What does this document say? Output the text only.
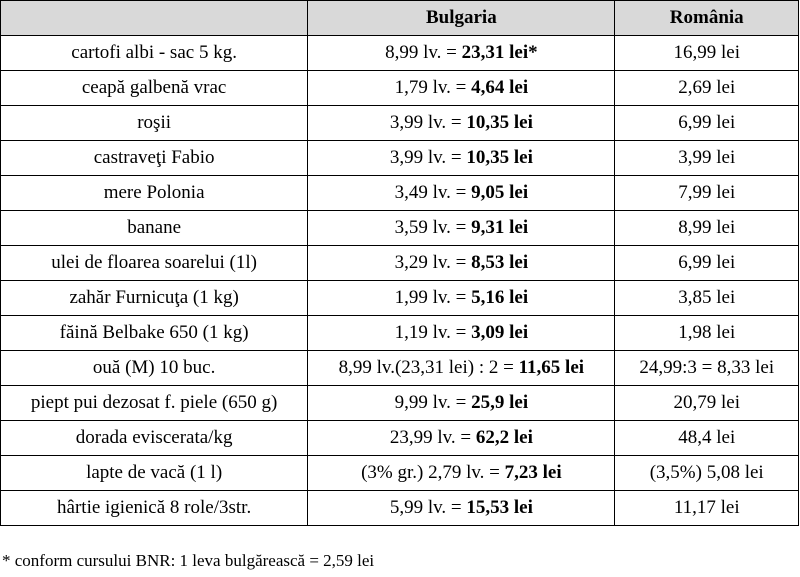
	Bulgaria	România
cartofi albi - sac 5 kg.	8,99 lv. = 23,31 lei*	16,99 lei
ceapă galbenă vrac	1,79 lv. = 4,64 lei	2,69 lei
roşii	3,99 lv. = 10,35 lei	6,99 lei
castraveţi Fabio	3,99 lv. = 10,35 lei	3,99 lei
mere Polonia	3,49 lv. = 9,05 lei	7,99 lei
banane	3,59 lv. = 9,31 lei	8,99 lei
ulei de floarea soarelui (1l)	3,29 lv. = 8,53 lei	6,99 lei
zahăr Furnicuţa (1 kg)	1,99 lv. = 5,16 lei	3,85 lei
făină Belbake 650 (1 kg)	1,19 lv. = 3,09 lei	1,98 lei
ouă (M) 10 buc.	8,99 lv.(23,31 lei) : 2 = 11,65 lei	24,99:3 = 8,33 lei
piept pui dezosat f. piele (650 g)	9,99 lv. = 25,9 lei	20,79 lei
dorada eviscerata/kg	23,99 lv. = 62,2 lei	48,4 lei
lapte de vacă (1 l)	(3% gr.) 2,79 lv. = 7,23 lei	(3,5%) 5,08 lei
hârtie igienică 8 role/3str.	5,99 lv. = 15,53 lei	11,17 lei
* conform cursului BNR: 1 leva bulgărească = 2,59 lei
